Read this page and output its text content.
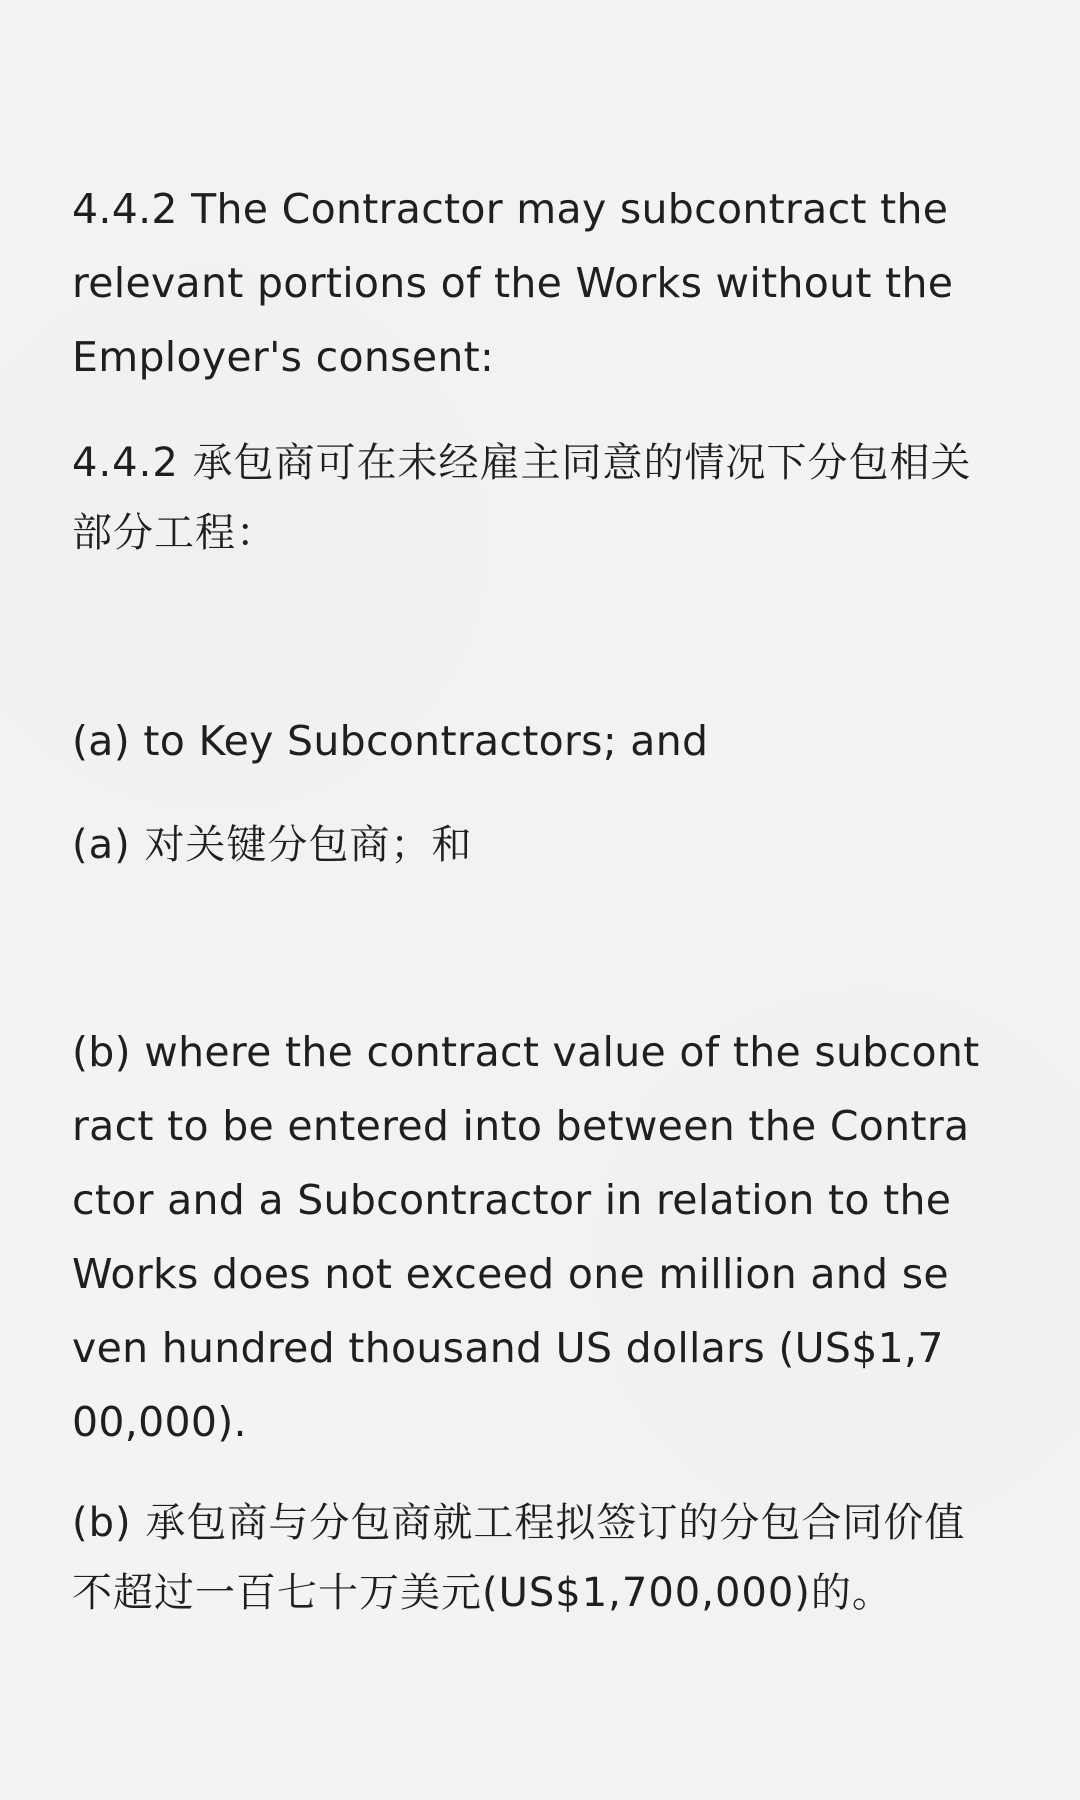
4.4.2 The Contractor may subcontract the
relevant portions of the Works without the
Employer's consent:
4.4.2 承包商可在未经雇主同意的情况下分包相关
部分工程：
(a) to Key Subcontractors; and
(a) 对关键分包商；和
(b) where the contract value of the subcont
ract to be entered into between the Contra
ctor and a Subcontractor in relation to the
Works does not exceed one million and se
ven hundred thousand US dollars (US$1,7
00,000).
(b) 承包商与分包商就工程拟签订的分包合同价值
不超过一百七十万美元(US$1,700,000)的。
